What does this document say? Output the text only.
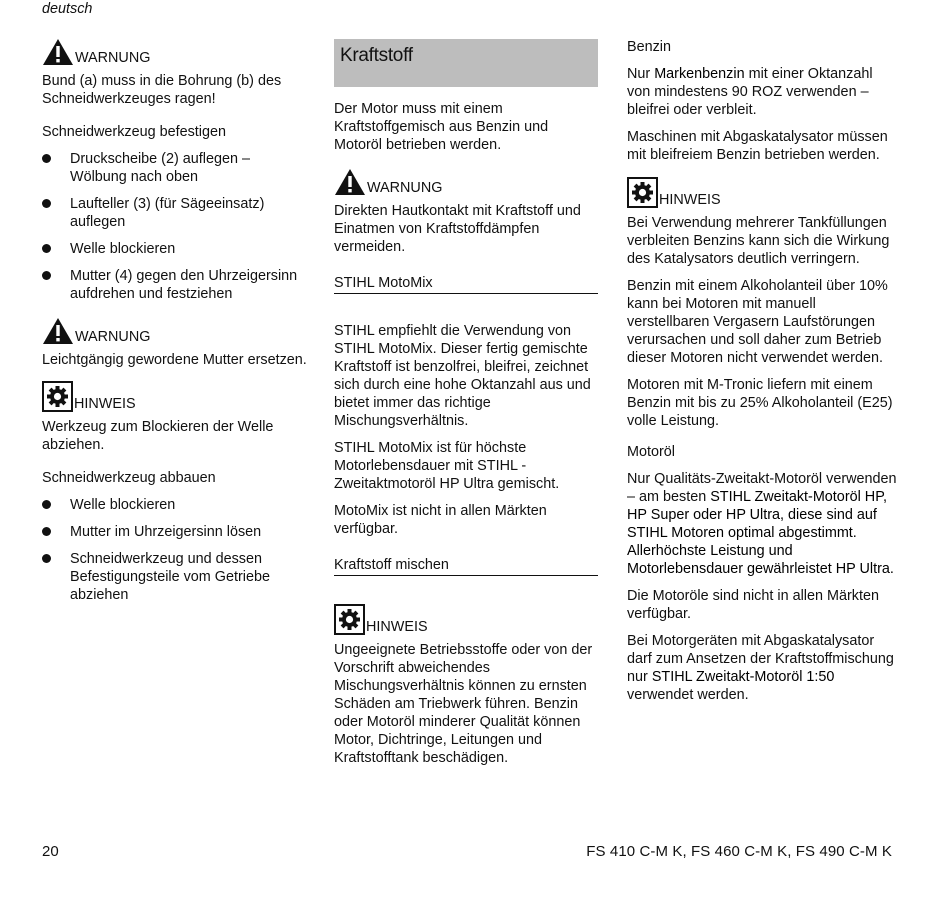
deutsch
WARNUNG

Bund (a) muss in die Bohrung (b) des Schneidwerkzeuges ragen!

Schneidwerkzeug befestigen
Druckscheibe (2) auflegen – Wölbung nach oben
Laufteller (3) (für Sägeeinsatz) auflegen
Welle blockieren
Mutter (4) gegen den Uhrzeigersinn aufdrehen und festziehen
WARNUNG

Leichtgängig gewordene Mutter ersetzen.

HINWEIS

Werkzeug zum Blockieren der Welle abziehen.

Schneidwerkzeug abbauen
Welle blockieren
Mutter im Uhrzeigersinn lösen
Schneidwerkzeug und dessen Befestigungsteile vom Getriebe abziehen
Kraftstoff

Der Motor muss mit einem Kraftstoffgemisch aus Benzin und Motoröl betrieben werden.

WARNUNG

Direkten Hautkontakt mit Kraftstoff und Einatmen von Kraftstoffdämpfen vermeiden.

STIHL MotoMix

STIHL empfiehlt die Verwendung von STIHL MotoMix. Dieser fertig gemischte Kraftstoff ist benzolfrei, bleifrei, zeichnet sich durch eine hohe Oktanzahl aus und bietet immer das richtige Mischungsverhältnis.

STIHL MotoMix ist für höchste Motorlebensdauer mit STIHL - Zweitaktmotoröl HP Ultra gemischt.

MotoMix ist nicht in allen Märkten verfügbar.

Kraftstoff mischen
HINWEIS

Ungeeignete Betriebsstoffe oder von der Vorschrift abweichendes Mischungsverhältnis können zu ernsten Schäden am Triebwerk führen. Benzin oder Motoröl minderer Qualität können Motor, Dichtringe, Leitungen und Kraftstofftank beschädigen.

Benzin

Nur Markenbenzin mit einer Oktanzahl von mindestens 90 ROZ verwenden – bleifrei oder verbleit.

Maschinen mit Abgaskatalysator müssen mit bleifreiem Benzin betrieben werden.

HINWEIS

Bei Verwendung mehrerer Tankfüllungen verbleiten Benzins kann sich die Wirkung des Katalysators deutlich verringern.

Benzin mit einem Alkoholanteil über 10% kann bei Motoren mit manuell verstellbaren Vergasern Laufstörungen verursachen und soll daher zum Betrieb dieser Motoren nicht verwendet werden.

Motoren mit M-Tronic liefern mit einem Benzin mit bis zu 25% Alkoholanteil (E25) volle Leistung.

Motoröl

Nur Qualitäts-Zweitakt-Motoröl verwenden – am besten STIHL Zweitakt-Motoröl HP, HP Super oder HP Ultra, diese sind auf STIHL Motoren optimal abgestimmt. Allerhöchste Leistung und Motorlebensdauer gewährleistet HP Ultra.

Die Motoröle sind nicht in allen Märkten verfügbar.

Bei Motorgeräten mit Abgaskatalysator darf zum Ansetzen der Kraftstoffmischung nur STIHL Zweitakt-Motoröl 1:50 verwendet werden.

20	FS 410 C-M K, FS 460 C-M K, FS 490 C-M K
